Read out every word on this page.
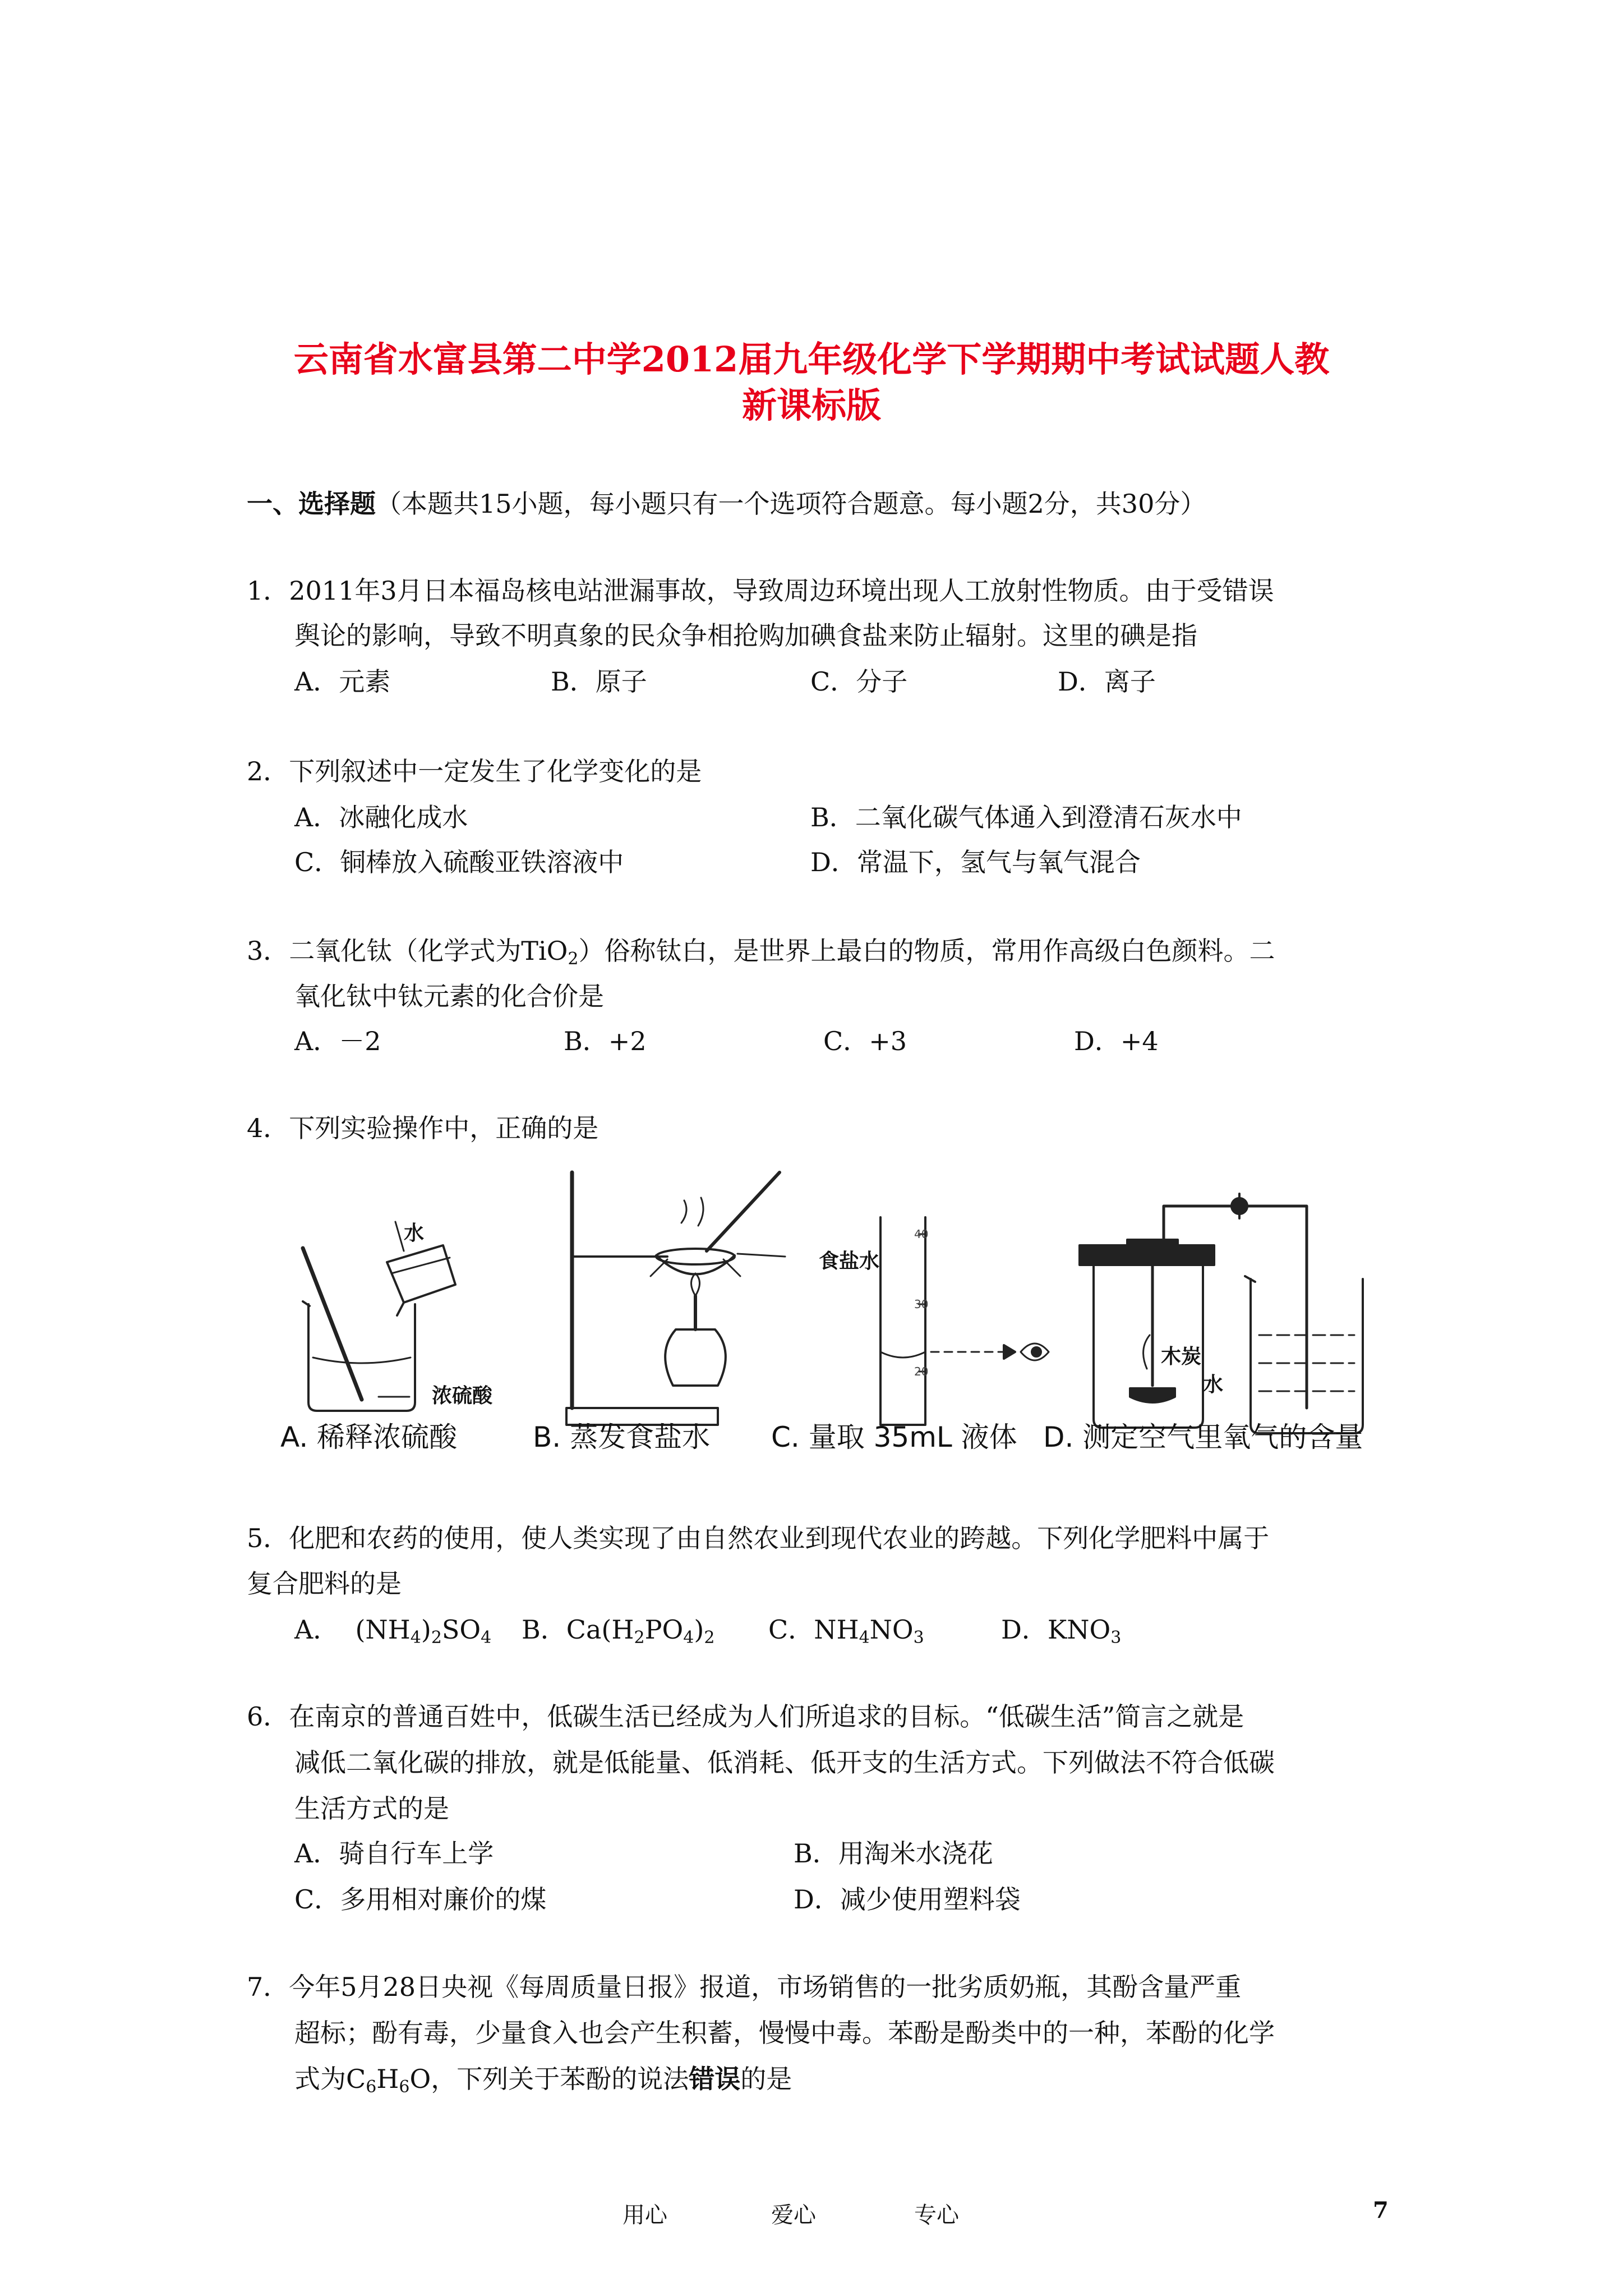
云南省水富县第二中学2012届九年级化学下学期期中考试试题人教
新课标版
一、选择题（本题共15小题，每小题只有一个选项符合题意。每小题2分，共30分）
1．2011年3月日本福岛核电站泄漏事故，导致周边环境出现人工放射性物质。由于受错误
舆论的影响，导致不明真象的民众争相抢购加碘食盐来防止辐射。这里的碘是指
A．元素	B．原子	C．分子	D．离子
2．下列叙述中一定发生了化学变化的是
A．冰融化成水	B．二氧化碳气体通入到澄清石灰水中
C．铜棒放入硫酸亚铁溶液中	D．常温下，氢气与氧气混合
3．二氧化钛（化学式为TiO$_2$）俗称钛白，是世界上最白的物质，常用作高级白色颜料。二
氧化钛中钛元素的化合价是
A．－2	B．+2	C．+3	D．+4
4．下列实验操作中，正确的是
水
浓硫酸
食盐水
木炭
水
40
30
20
A. 稀释浓硫酸	B. 蒸发食盐水 C. 量取 35mL 液体 D. 测定空气里氧气的含量
5．化肥和农药的使用，使人类实现了由自然农业到现代农业的跨越。下列化学肥料中属于
复合肥料的是
A．  $(NH_4)_2SO_4$ B．$Ca(H_2PO_4)_2$ C．$NH_4NO_3$	D．$KNO_3$
6．在南京的普通百姓中，低碳生活已经成为人们所追求的目标。“低碳生活”简言之就是
减低二氧化碳的排放，就是低能量、低消耗、低开支的生活方式。下列做法不符合低碳
生活方式的是
A．骑自行车上学	B．用淘米水浇花
C．多用相对廉价的煤	D．减少使用塑料袋
7．今年5月28日央视《每周质量日报》报道，市场销售的一批劣质奶瓶，其酚含量严重
超标；酚有毒，少量食入也会产生积蓄，慢慢中毒。苯酚是酚类中的一种，苯酚的化学
式为$C_6H_6O$，下列关于苯酚的说法错误的是
用心	爱心	专心	7
